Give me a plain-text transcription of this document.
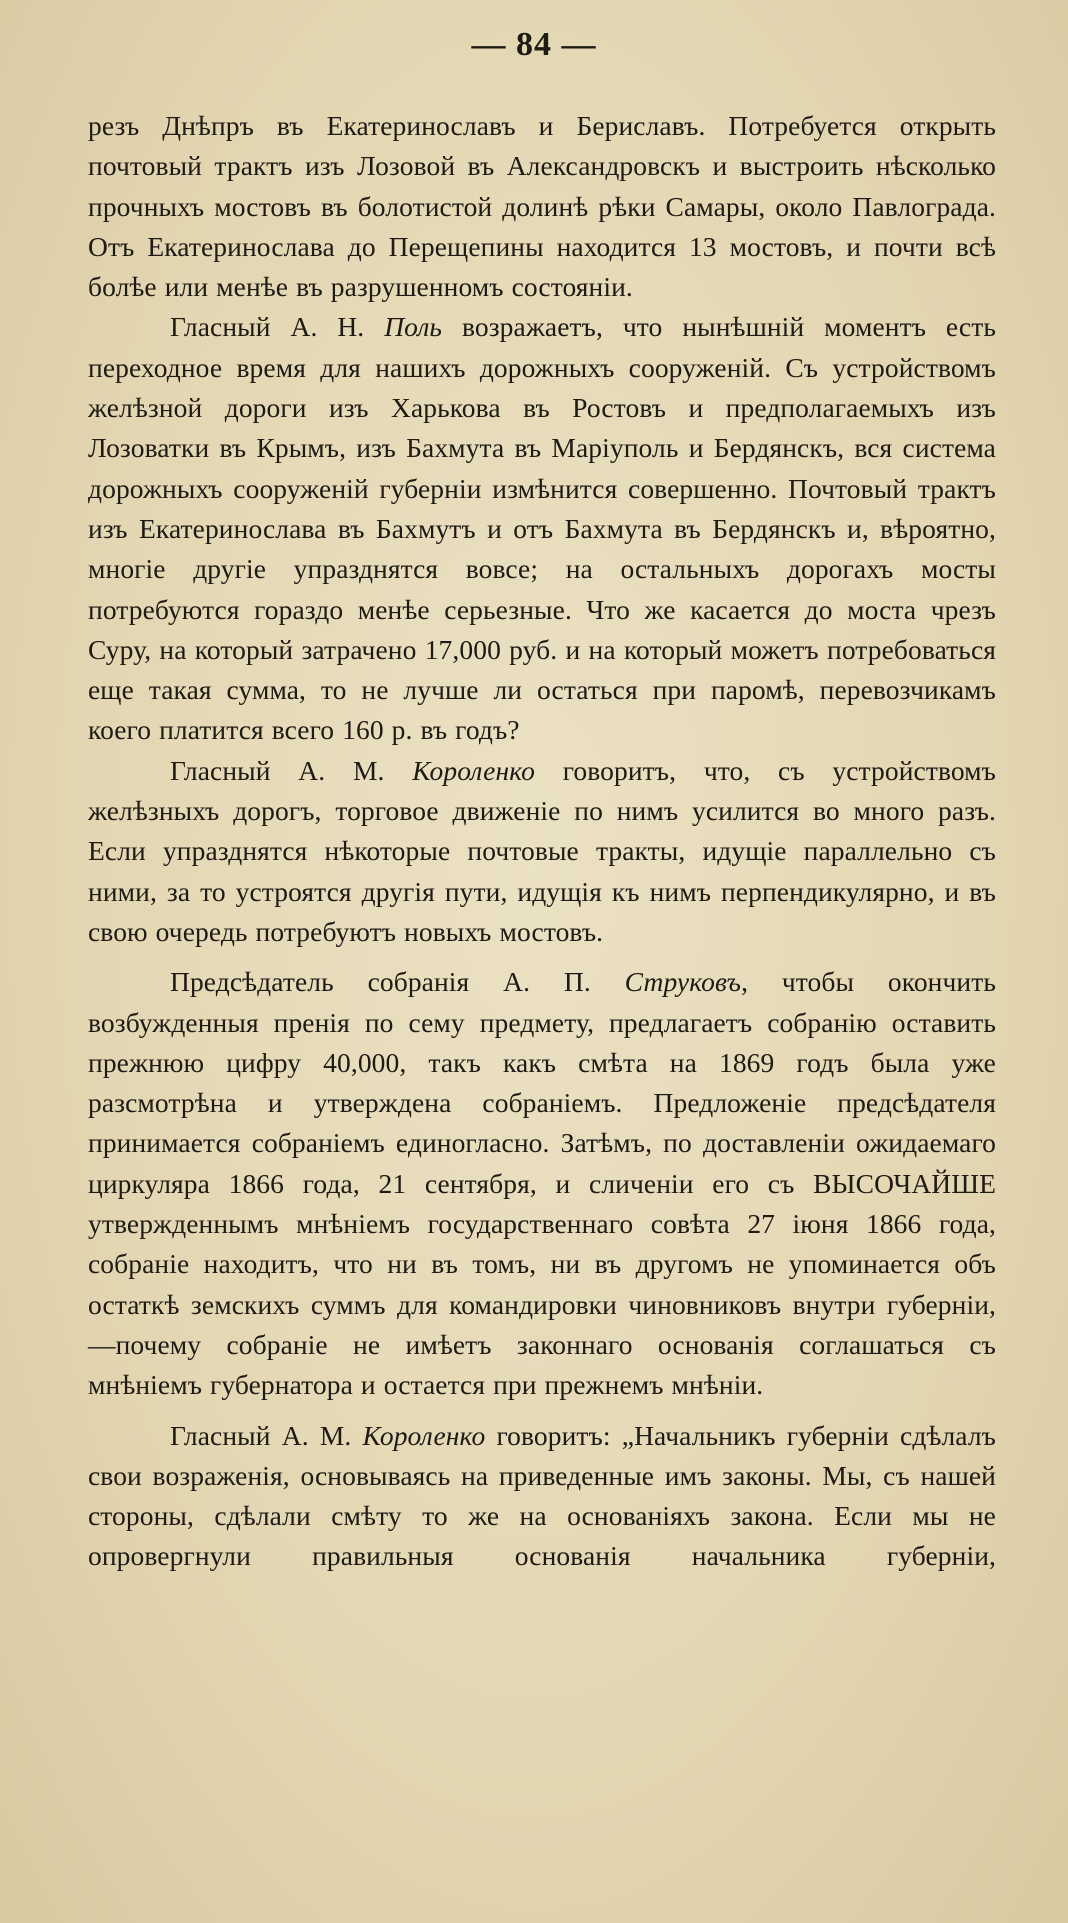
— 84 —

резъ Днѣпръ въ Екатеринославъ и Бериславъ. Потребуется открыть почтовый трактъ изъ Лозовой въ Александровскъ и выстроить нѣсколько прочныхъ мостовъ въ болотистой долинѣ рѣки Самары, около Павлограда. Отъ Екатеринослава до Перещепины находится 13 мостовъ, и почти всѣ болѣе или менѣе въ разрушенномъ состояніи.

Гласный А. Н. Поль возражаетъ, что нынѣшній моментъ есть переходное время для нашихъ дорожныхъ сооруженій. Съ устройствомъ желѣзной дороги изъ Харькова въ Ростовъ и предполагаемыхъ изъ Лозоватки въ Крымъ, изъ Бахмута въ Маріуполь и Бердянскъ, вся система дорожныхъ сооруженій губерніи измѣнится совершенно. Почтовый трактъ изъ Екатеринослава въ Бахмутъ и отъ Бахмута въ Бердянскъ и, вѣроятно, многіе другіе упразднятся вовсе; на остальныхъ дорогахъ мосты потребуются гораздо менѣе серьезные. Что же касается до моста чрезъ Суру, на который затрачено 17,000 руб. и на который можетъ потребоваться еще такая сумма, то не лучше ли остаться при паромѣ, перевозчикамъ коего платится всего 160 р. въ годъ?

Гласный А. М. Короленко говоритъ, что, съ устройствомъ желѣзныхъ дорогъ, торговое движеніе по нимъ усилится во много разъ. Если упразднятся нѣкоторые почтовые тракты, идущіе параллельно съ ними, за то устроятся другія пути, идущія къ нимъ перпендикулярно, и въ свою очередь потребуютъ новыхъ мостовъ.

Предсѣдатель собранія А. П. Струковъ, чтобы окончить возбужденныя пренія по сему предмету, предлагаетъ собранію оставить прежнюю цифру 40,000, такъ какъ смѣта на 1869 годъ была уже разсмотрѣна и утверждена собраніемъ. Предложеніе предсѣдателя принимается собраніемъ единогласно. Затѣмъ, по доставленіи ожидаемаго циркуляра 1866 года, 21 сентября, и сличеніи его съ ВЫСОЧАЙШЕ утвержденнымъ мнѣніемъ государственнаго совѣта 27 іюня 1866 года, собраніе находитъ, что ни въ томъ, ни въ другомъ не упоминается объ остаткѣ земскихъ суммъ для командировки чиновниковъ внутри губерніи,—почему собраніе не имѣетъ законнаго основанія соглашаться съ мнѣніемъ губернатора и остается при прежнемъ мнѣніи.

Гласный А. М. Короленко говоритъ: „Начальникъ губерніи сдѣлалъ свои возраженія, основываясь на приведенные имъ законы. Мы, съ нашей стороны, сдѣлали смѣту то же на основаніяхъ закона. Если мы не опровергнули правильныя основанія начальника губерніи,
